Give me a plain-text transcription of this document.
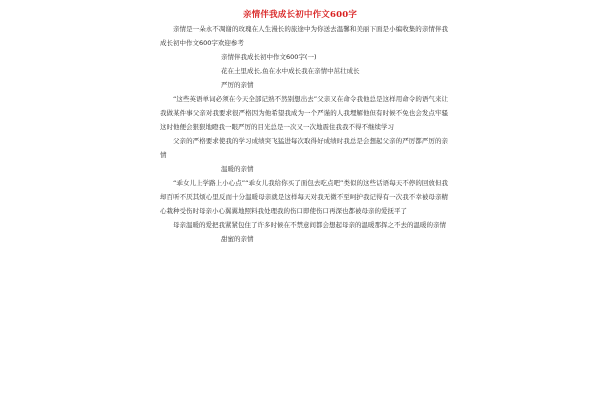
亲情伴我成长初中作文600字

亲情是一朵永不凋谢的玫瑰在人生漫长的旅途中为你送去温馨和美丽下面是小编收集的亲情伴我成长初中作文600字欢迎参考

亲情伴我成长初中作文600字(一)

花在土里成长,鱼在水中成长我在亲情中茁壮成长

严厉的亲情

“这些英语单词必须在今天全部记熟不然别想出去”父亲又在命令我他总是这样用命令的语气来让我做某件事父亲对我要求很严格因为他希望我成为一个严谨的人我埋解他但有时候不免也会发点牢骚这时他便会狠狠地瞪我一眼严厉的目光总是一次又一次地震住我我不得不继续学习

父亲的严格要求使我的学习成绩突飞猛进每次取得好成绩时我总是会想起父亲的严厉都严厉的亲情

温暖的亲情

“乖女儿上学路上小心点”“乖女儿我给你买了面包去吃点吧”类似的这些话语每天不停的回放但我却百听不厌其烦心里反而十分温暖母亲就是这样每天对我无微不至呵护我记得有一次我不幸被母亲精心栽种受伤时母亲小心翼翼地照料我处理我的伤口即使伤口再深也都被母亲的爱抚平了

母亲温暖的爱把我紧紧包住了许多时候在不禁意间都会想起母亲的温暖那挥之不去的温暖的亲情

甜蜜的亲情
